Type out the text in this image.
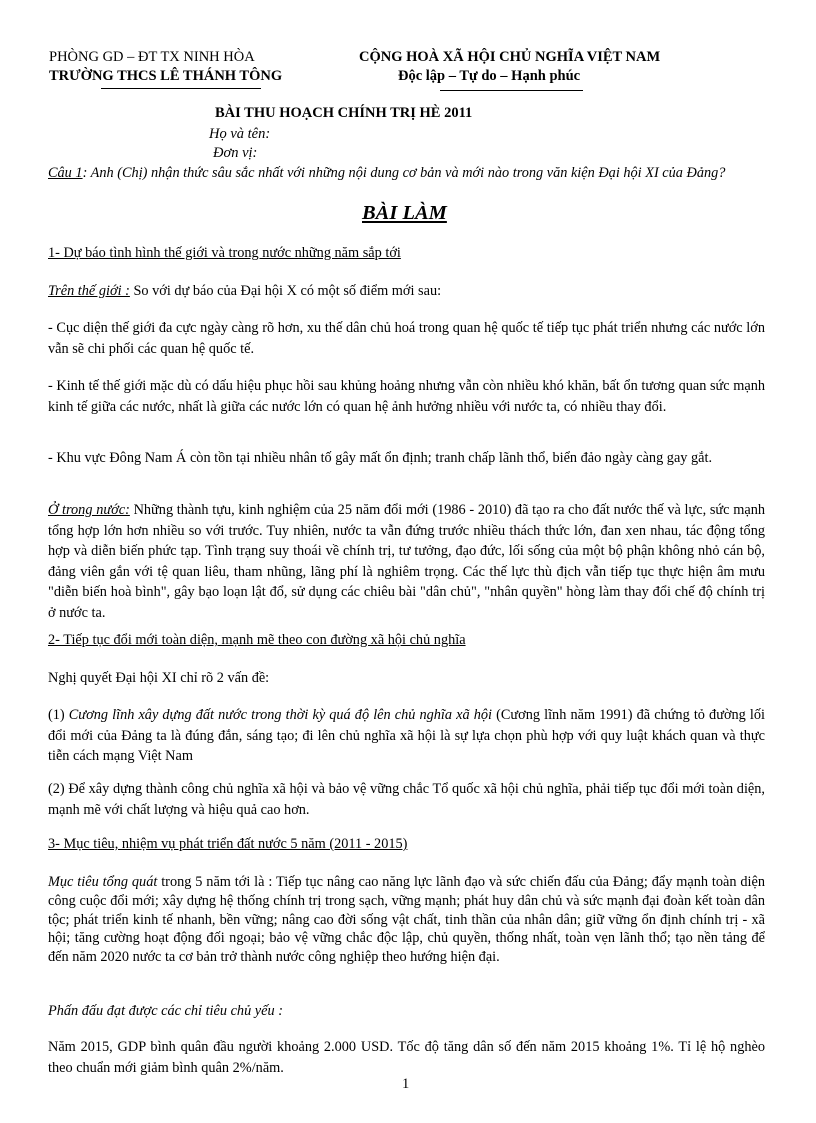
PHÒNG GD – ĐT TX NINH HÒA
TRƯỜNG THCS LÊ THÁNH TÔNG
CỘNG HOÀ XÃ HỘI CHỦ NGHĨA VIỆT NAM
Độc lập – Tự do – Hạnh phúc
BÀI THU HOẠCH CHÍNH TRỊ HÈ 2011
Họ và tên:
Đơn vị:
Câu 1: Anh (Chị) nhận thức sâu sắc nhất với những nội dung cơ bản và mới nào trong văn kiện Đại hội XI của Đảng?
BÀI LÀM
1- Dự báo tình hình thế giới và trong nước những năm sắp tới
Trên thế giới : So với dự báo của Đại hội X có một số điểm mới sau:
- Cục diện thế giới đa cực ngày càng rõ hơn, xu thế dân chủ hoá trong quan hệ quốc tế tiếp tục phát triển nhưng các nước lớn vẫn sẽ chi phối các quan hệ quốc tế.
- Kinh tế thế giới mặc dù có dấu hiệu phục hồi sau khủng hoảng nhưng vẫn còn nhiều khó khăn, bất ổn tương quan sức mạnh kinh tế giữa các nước, nhất là giữa các nước lớn có quan hệ ảnh hưởng nhiều với nước ta, có nhiều thay đổi.
- Khu vực Đông Nam Á còn tồn tại nhiều nhân tố gây mất ổn định; tranh chấp lãnh thổ, biển đảo ngày càng gay gắt.
Ở trong nước: Những thành tựu, kinh nghiệm của 25 năm đổi mới (1986 - 2010) đã tạo ra cho đất nước thế và lực, sức mạnh tổng hợp lớn hơn nhiều so với trước. Tuy nhiên, nước ta vẫn đứng trước nhiều thách thức lớn, đan xen nhau, tác động tổng hợp và diễn biến phức tạp. Tình trạng suy thoái về chính trị, tư tưởng, đạo đức, lối sống của một bộ phận không nhỏ cán bộ, đảng viên gắn với tệ quan liêu, tham nhũng, lãng phí là nghiêm trọng. Các thế lực thù địch vẫn tiếp tục thực hiện âm mưu "diễn biến hoà bình", gây bạo loạn lật đổ, sử dụng các chiêu bài "dân chủ", "nhân quyền" hòng làm thay đổi chế độ chính trị ở nước ta.
2- Tiếp tục đổi mới toàn diện, mạnh mẽ theo con đường xã hội chủ nghĩa
Nghị quyết Đại hội XI chỉ rõ 2 vấn đề:
(1) Cương lĩnh xây dựng đất nước trong thời kỳ quá độ lên chủ nghĩa xã hội (Cương lĩnh năm 1991) đã chứng tỏ đường lối đổi mới của Đảng ta là đúng đắn, sáng tạo; đi lên chủ nghĩa xã hội là sự lựa chọn phù hợp với quy luật khách quan và thực tiễn cách mạng Việt Nam
(2) Để xây dựng thành công chủ nghĩa xã hội và bảo vệ vững chắc Tổ quốc xã hội chủ nghĩa, phải tiếp tục đổi mới toàn diện, mạnh mẽ với chất lượng và hiệu quả cao hơn.
3- Mục tiêu, nhiệm vụ phát triển đất nước 5 năm (2011 - 2015)
Mục tiêu tổng quát trong 5 năm tới là : Tiếp tục nâng cao năng lực lãnh đạo và sức chiến đấu của Đảng; đẩy mạnh toàn diện công cuộc đổi mới; xây dựng hệ thống chính trị trong sạch, vững mạnh; phát huy dân chủ và sức mạnh đại đoàn kết toàn dân tộc; phát triển kinh tế nhanh, bền vững; nâng cao đời sống vật chất, tinh thần của nhân dân; giữ vững ổn định chính trị - xã hội; tăng cường hoạt động đối ngoại; bảo vệ vững chắc độc lập, chủ quyền, thống nhất, toàn vẹn lãnh thổ; tạo nền tảng để đến năm 2020 nước ta cơ bản trở thành nước công nghiệp theo hướng hiện đại.
Phấn đấu đạt được các chỉ tiêu chủ yếu :
Năm 2015, GDP bình quân đầu người khoảng 2.000 USD. Tốc độ tăng dân số đến năm 2015 khoảng 1%. Tỉ lệ hộ nghèo theo chuẩn mới giảm bình quân 2%/năm.
1
